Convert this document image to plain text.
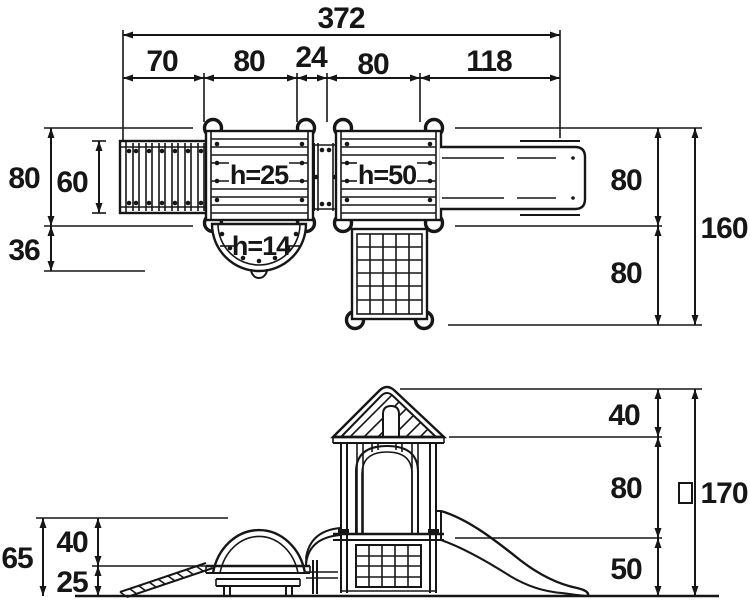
372
70 80 24 80	118
80
36
60	80
80
160
h=25
h=14
h=50
65 40
25
40
80
50
170
